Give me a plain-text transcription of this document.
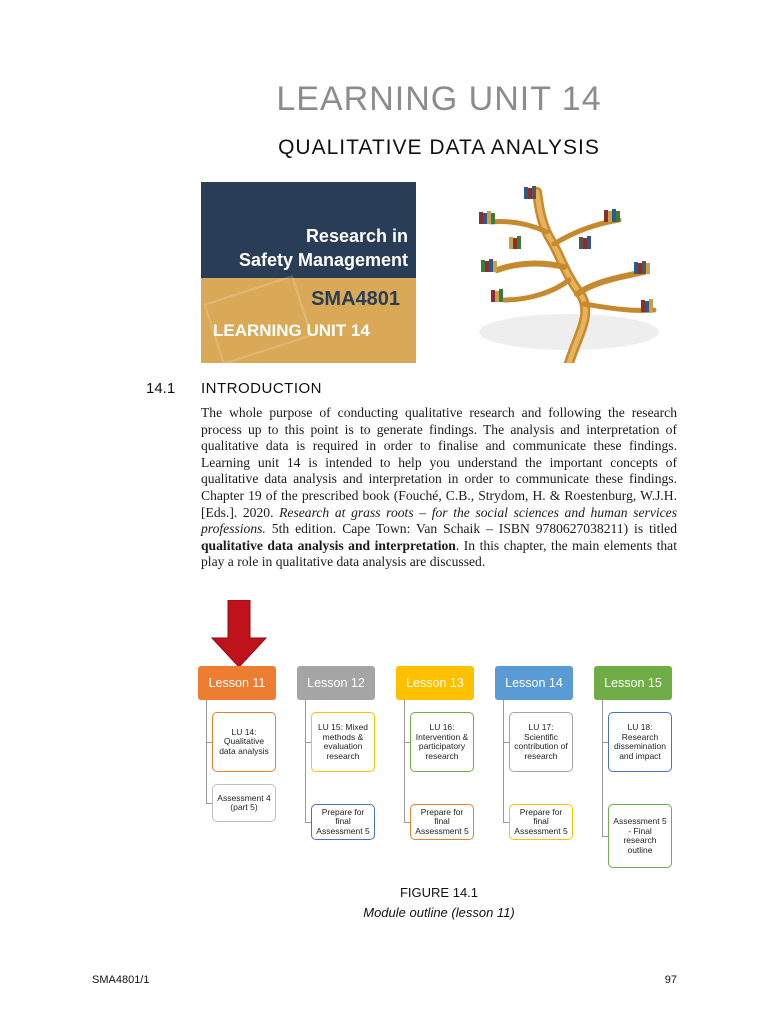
LEARNING UNIT 14
QUALITATIVE DATA ANALYSIS
Research in
Safety Management
SMA4801
LEARNING UNIT 14
14.1 INTRODUCTION

The whole purpose of conducting qualitative research and following the research process up to this point is to generate findings. The analysis and interpretation of qualitative data is required in order to finalise and communicate these findings. Learning unit 14 is intended to help you understand the important concepts of qualitative data analysis and interpretation in order to communicate these findings. Chapter 19 of the prescribed book (Fouché, C.B., Strydom, H. & Roestenburg, W.J.H. [Eds.]. 2020. Research at grass roots – for the social sciences and human services professions. 5th edition. Cape Town: Van Schaik – ISBN 9780627038211) is titled qualitative data analysis and interpretation. In this chapter, the main elements that play a role in qualitative data analysis are discussed.

Lesson 11
LU 14: Qualitative data analysis
Assessment 4 (part 5)
Lesson 12
LU 15: Mixed methods & evaluation research
Prepare for final Assessment 5
Lesson 13
LU 16: Intervention & participatory research
Prepare for final Assessment 5
Lesson 14
LU 17: Scientific contribution of research
Prepare for final Assessment 5
Lesson 15
LU 18: Research dissemination and impact
Assessment 5 - Final research outline
FIGURE 14.1
Module outline (lesson 11)
SMA4801/1	97
